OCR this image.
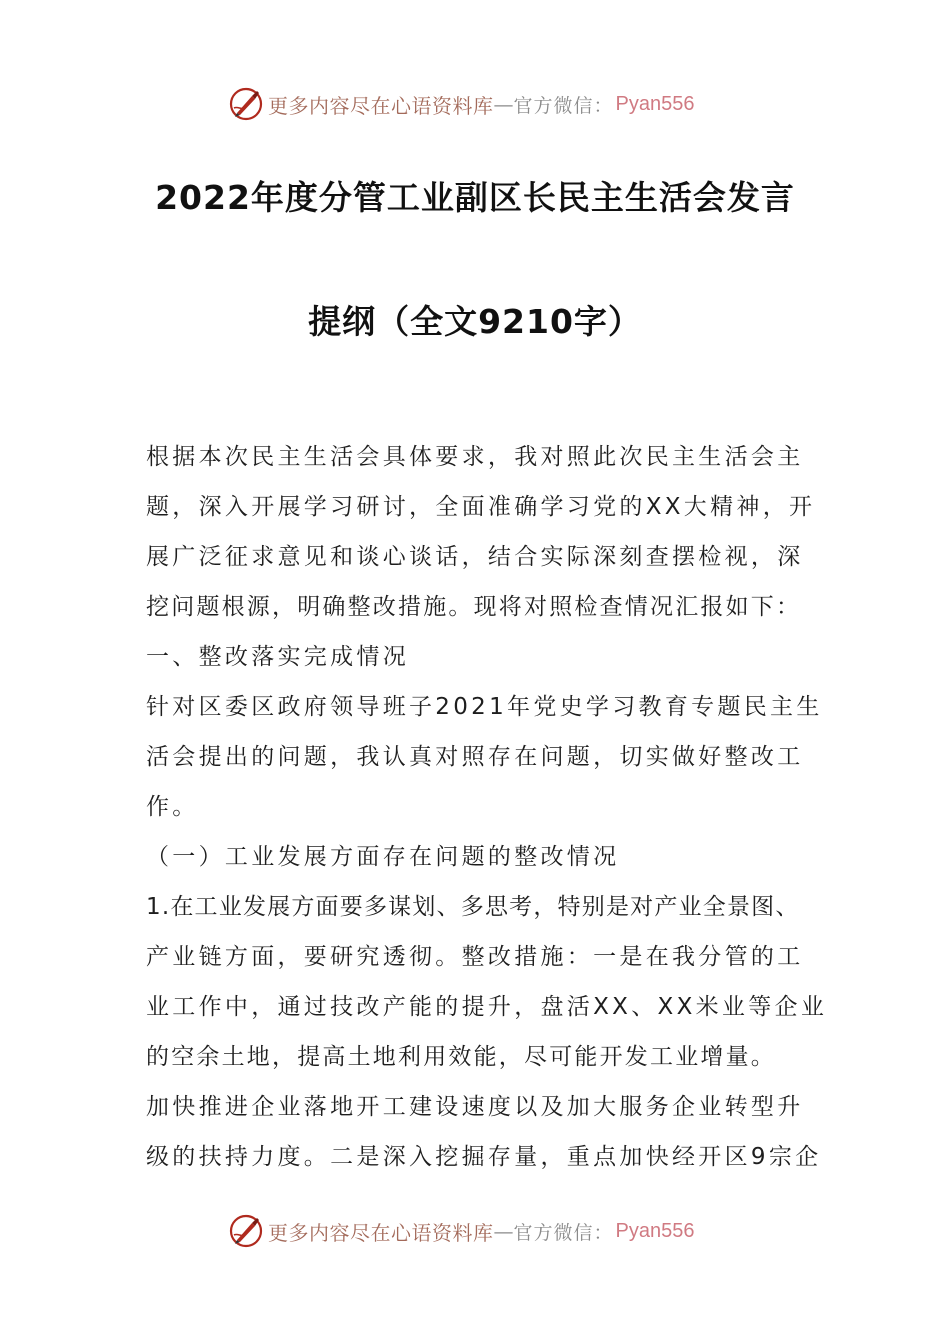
更多内容尽在心语资料库 — 官方微信： Pyan556
2022年度分管工业副区长民主生活会发言
提纲（全文9210字）
根据本次民主生活会具体要求，我对照此次民主生活会主
题，深入开展学习研讨，全面准确学习党的XX大精神，开
展广泛征求意见和谈心谈话，结合实际深刻查摆检视，深
挖问题根源，明确整改措施。现将对照检查情况汇报如下：
一、整改落实完成情况
针对区委区政府领导班子2021年党史学习教育专题民主生
活会提出的问题，我认真对照存在问题，切实做好整改工
作。
（一）工业发展方面存在问题的整改情况
1.在工业发展方面要多谋划、多思考，特别是对产业全景图、
产业链方面，要研究透彻。整改措施：一是在我分管的工
业工作中，通过技改产能的提升，盘活XX、XX米业等企业
的空余土地，提高土地利用效能，尽可能开发工业增量。
加快推进企业落地开工建设速度以及加大服务企业转型升
级的扶持力度。二是深入挖掘存量，重点加快经开区9宗企
更多内容尽在心语资料库 — 官方微信： Pyan556
